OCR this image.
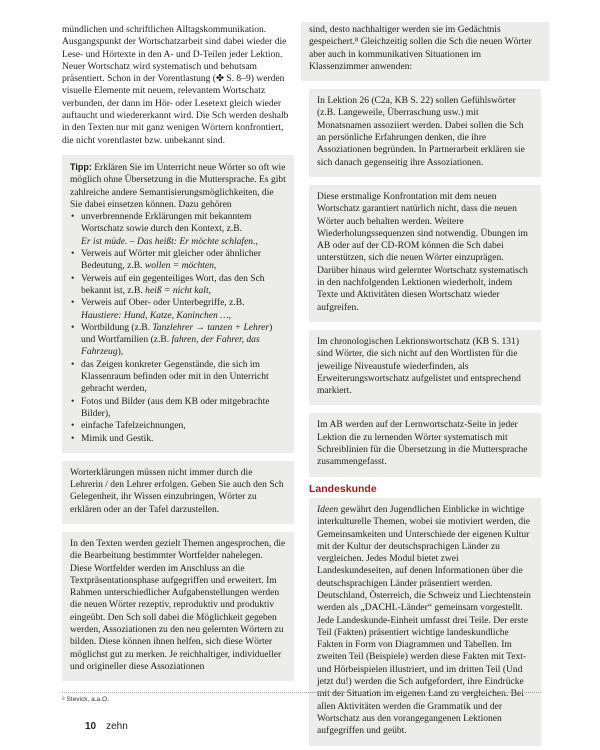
mündlichen und schriftlichen Alltagskommunikation. Ausgangspunkt der Wortschatzarbeit sind dabei wieder die Lese- und Hörtexte in den A- und D-Teilen jeder Lektion. Neuer Wortschatz wird systematisch und behutsam präsentiert. Schon in der Vorentlastung (✤ S. 8–9) werden visuelle Elemente mit neuem, relevantem Wortschatz verbunden, der dann im Hör- oder Lesetext gleich wieder auftaucht und wiedererkannt wird. Die Sch werden deshalb in den Texten nur mit ganz wenigen Wörtern konfrontiert, die nicht vorentlastet bzw. unbekannt sind.

Tipp: Erklären Sie im Unterricht neue Wörter so oft wie möglich ohne Übersetzung in die Muttersprache. Es gibt zahlreiche andere Semantisierungsmöglichkeiten, die Sie dabei einsetzen können. Dazu gehören

• unverbrennende Erklärungen mit bekanntem Wortschatz sowie durch den Kontext, z.B.
Er ist müde. – Das heißt: Er möchte schlafen.,
• Verweis auf Wörter mit gleicher oder ähnlicher Bedeutung, z.B. wollen = möchten,
• Verweis auf ein gegenteiliges Wort, das den Sch bekannt ist, z.B. heiß = nicht kalt,
• Verweis auf Ober- oder Unterbegriffe, z.B. Haustiere: Hund, Katze, Kaninchen …,
• Wortbildung (z.B. Tanzlehrer → tanzen + Lehrer) und Wortfamilien (z.B. fahren, der Fahrer, das Fahrzeug),
• das Zeigen konkreter Gegenstände, die sich im Klassenraum befinden oder mit in den Unterricht gebracht werden,
• Fotos und Bilder (aus dem KB oder mitgebrachte Bilder),
• einfache Tafelzeichnungen,
• Mimik und Gestik.

Worterklärungen müssen nicht immer durch die Lehrerin / den Lehrer erfolgen. Geben Sie auch den Sch Gelegenheit, ihr Wissen einzubringen, Wörter zu erklären oder an der Tafel darzustellen.

In den Texten werden gezielt Themen angesprochen, die die Bearbeitung bestimmter Wortfelder nahelegen. Diese Wortfelder werden im Anschluss an die Textpräsentationsphase aufgegriffen und erweitert. Im Rahmen unterschiedlicher Aufgabenstellungen werden die neuen Wörter rezeptiv, reproduktiv und produktiv eingeübt. Den Sch soll dabei die Möglichkeit gegeben werden, Assoziationen zu den neu gelernten Wörtern zu bilden. Diese können ihnen helfen, sich diese Wörter möglichst gut zu merken. Je reichhaltiger, individueller und origineller diese Assoziationen

sind, desto nachhaltiger werden sie im Gedächtnis gespeichert.⁸ Gleichzeitig sollen die Sch die neuen Wörter aber auch in kommunikativen Situationen im Klassenzimmer anwenden:

In Lektion 26 (C2a, KB S. 22) sollen Gefühlswörter (z.B. Langeweile, Überraschung usw.) mit Monatsnamen assoziiert werden. Dabei sollen die Sch an persönliche Erfahrungen denken, die ihre Assoziationen begründen. In Partnerarbeit erklären sie sich danach gegenseitig ihre Assoziationen.

Diese erstmalige Konfrontation mit dem neuen Wortschatz garantiert natürlich nicht, dass die neuen Wörter auch behalten werden. Weitere Wiederholungssequenzen sind notwendig. Übungen im AB oder auf der CD-ROM können die Sch dabei unterstützen, sich die neuen Wörter einzuprägen. Darüber hinaus wird gelernter Wortschatz systematisch in den nachfolgenden Lektionen wiederholt, indem Texte und Aktivitäten diesen Wortschatz wieder aufgreifen.

Im chronologischen Lektionswortschatz (KB S. 131) sind Wörter, die sich nicht auf den Wortlisten für die jeweilige Niveaustufe wiederfinden, als Erweiterungswortschatz aufgelistet und entsprechend markiert.

Im AB werden auf der Lernwortschatz-Seite in jeder Lektion die zu lernenden Wörter systematisch mit Schreiblinien für die Übersetzung in die Muttersprache zusammengefasst.

Landeskunde

Ideen gewährt den Jugendlichen Einblicke in wichtige interkulturelle Themen, wobei sie motiviert werden, die Gemeinsamkeiten und Unterschiede der eigenen Kultur mit der Kultur der deutschsprachigen Länder zu vergleichen. Jedes Modul bietet zwei Landeskundeseiten, auf denen Informationen über die deutschsprachigen Länder präsentiert werden. Deutschland, Österreich, die Schweiz und Liechtenstein werden als „DACHL-Länder“ gemeinsam vorgestellt. Jede Landeskunde-Einheit umfasst drei Teile. Der erste Teil (Fakten) präsentiert wichtige landeskundliche Fakten in Form von Diagrammen und Tabellen. Im zweiten Teil (Beispiele) werden diese Fakten mit Text- und Hörbeispielen illustriert, und im dritten Teil (Und jetzt du!) werden die Sch aufgefordert, ihre Eindrücke mit der Situation im eigenen Land zu vergleichen. Bei allen Aktivitäten werden die Grammatik und der Wortschatz aus den vorangegangenen Lektionen aufgegriffen und geübt.

⁸ Stevick, a.a.O.
10 zehn
